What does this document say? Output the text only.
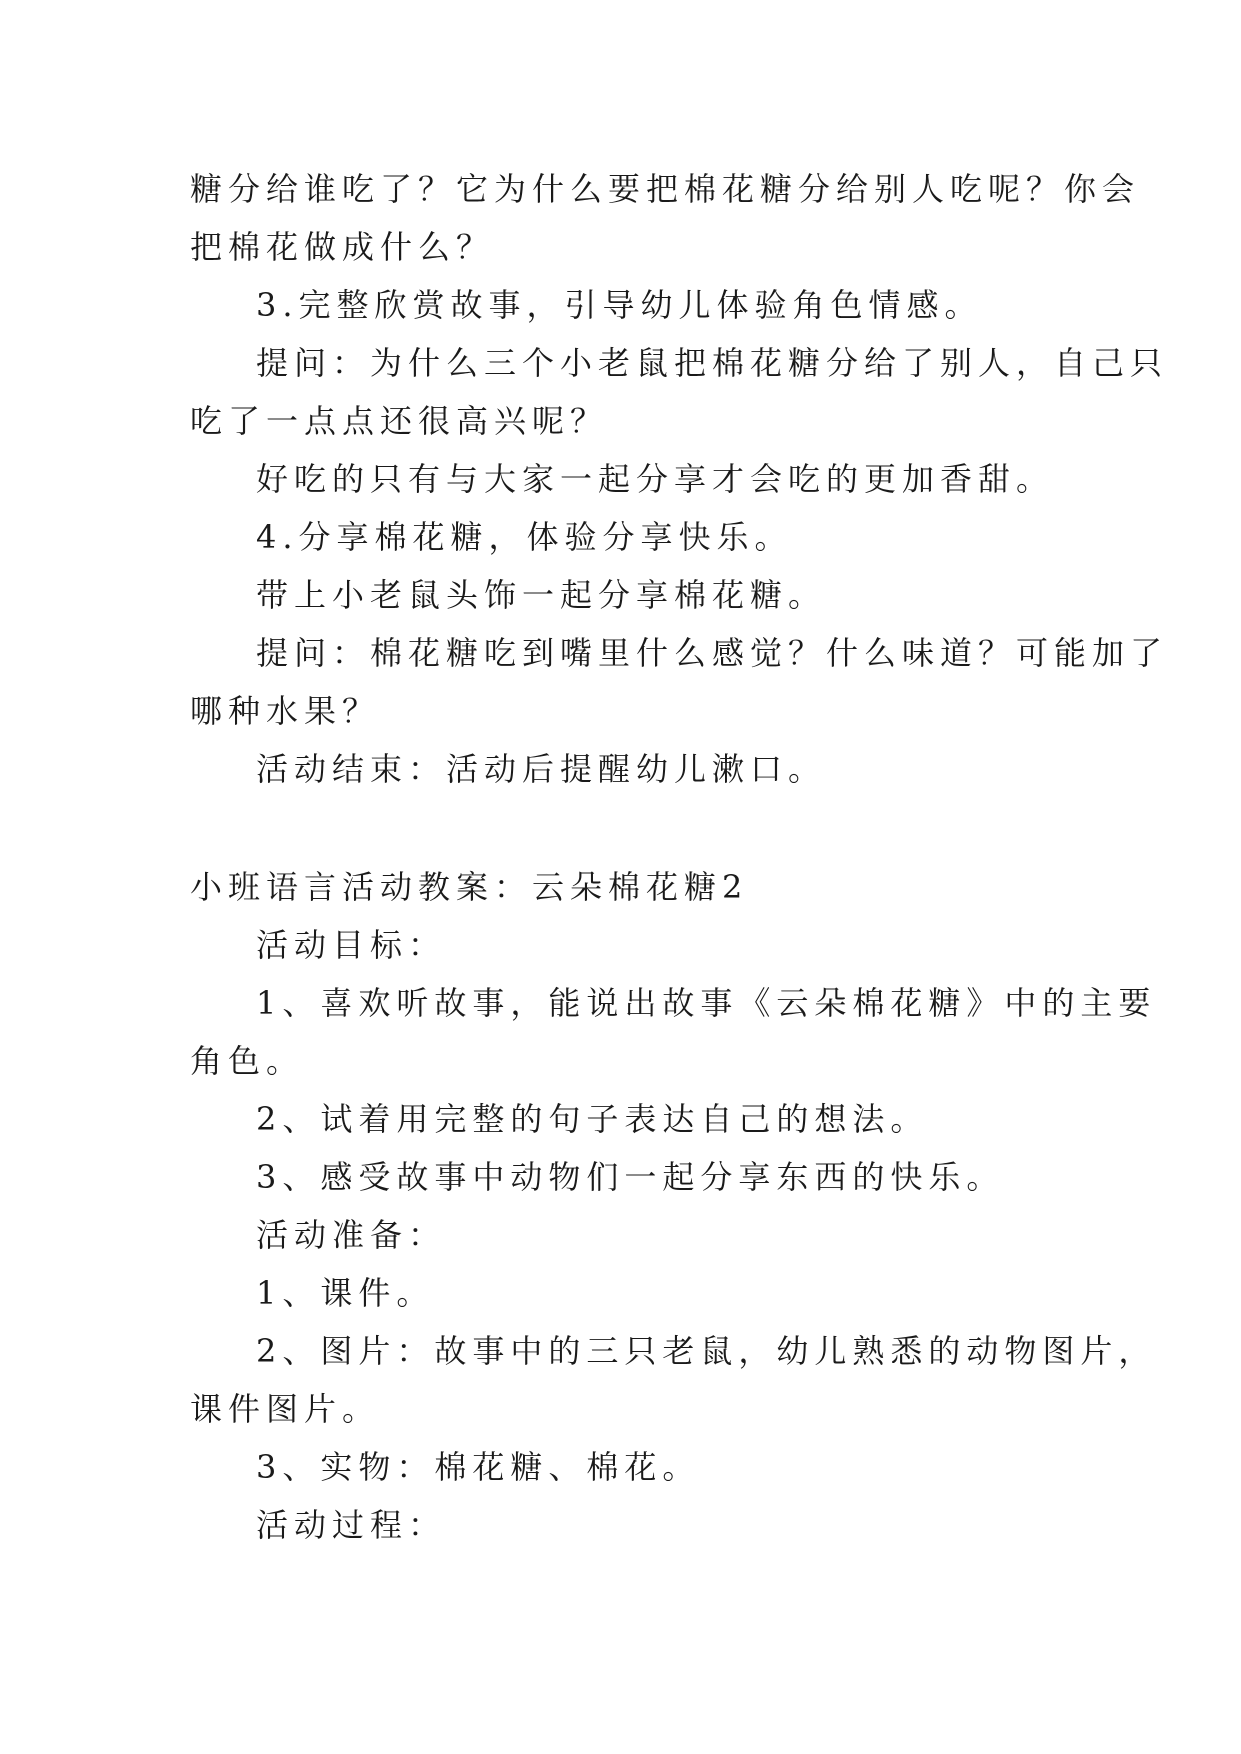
糖分给谁吃了？它为什么要把棉花糖分给别人吃呢？你会

把棉花做成什么？

3.完整欣赏故事，引导幼儿体验角色情感。

提问：为什么三个小老鼠把棉花糖分给了别人，自己只

吃了一点点还很高兴呢？

好吃的只有与大家一起分享才会吃的更加香甜。

4.分享棉花糖，体验分享快乐。

带上小老鼠头饰一起分享棉花糖。

提问：棉花糖吃到嘴里什么感觉？什么味道？可能加了

哪种水果？

活动结束：活动后提醒幼儿漱口。

小班语言活动教案：云朵棉花糖2

活动目标：

1、喜欢听故事，能说出故事《云朵棉花糖》中的主要

角色。

2、试着用完整的句子表达自己的想法。

3、感受故事中动物们一起分享东西的快乐。

活动准备：

1、课件。

2、图片：故事中的三只老鼠，幼儿熟悉的动物图片，

课件图片。

3、实物：棉花糖、棉花。

活动过程：
